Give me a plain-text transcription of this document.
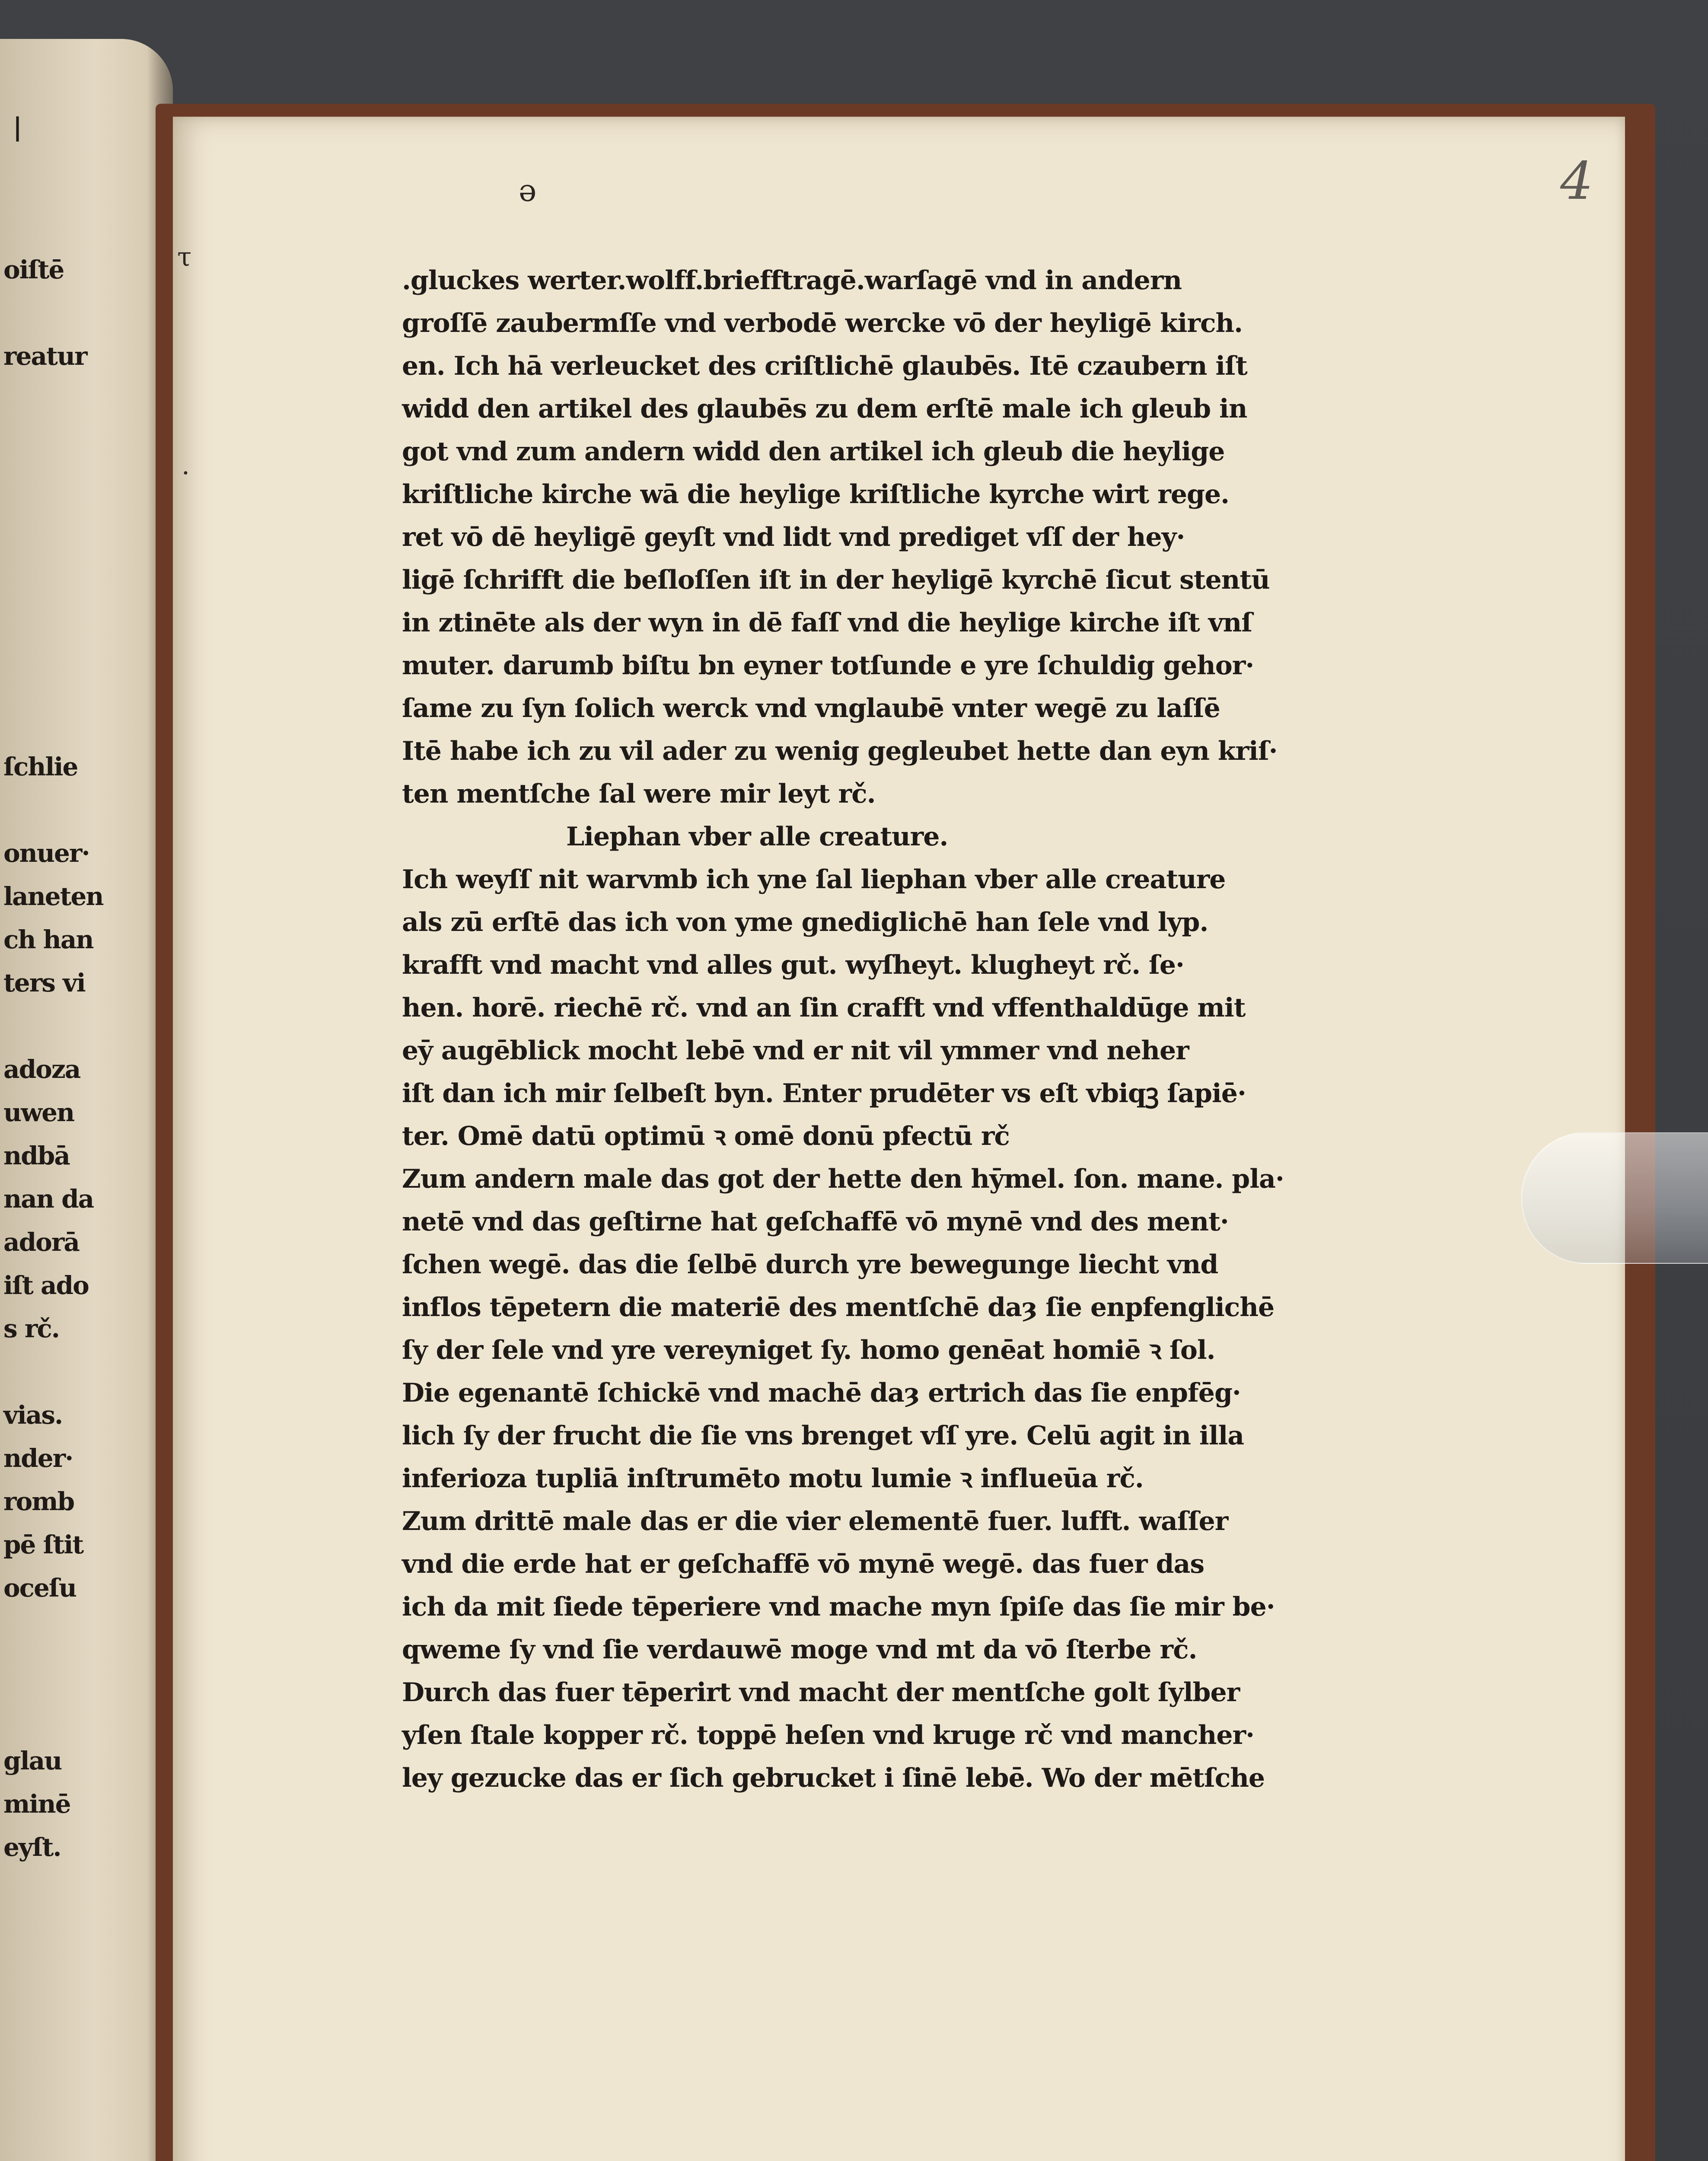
|
oiſtē
reatur
ſchlie
onuer·
laneten
ch han
ters vi
adoza
uwen
ndbā
nan da
adorā
iſt ado
s rč.
vias.
nder·
romb
pē ſtit
oceſu
glau
minē
eyſt.
4
τ
ə
·
.gluckes werter.wolff.briefftragē.warſagē vnd in andern
groſſē zaubermſſe vnd verbodē wercke vō der heyligē kirch.
en. Ich hā verleucket des criſtlichē glaubēs. Itē czaubern iſt
widd den artikel des glaubēs zu dem erſtē male ich gleub in
got vnd zum andern widd den artikel ich gleub die heylige
kriſtliche kirche wā die heylige kriſtliche kyrche wirt rege.
ret vō dē heyligē geyſt vnd lidt vnd prediget vſſ der hey·
ligē ſchrifft die beſloſſen iſt in der heyligē kyrchē ſicut stentū
in ztinēte als der wyn in dē faſſ vnd die heylige kirche iſt vnſ
muter. darumb biſtu bn eyner totſunde e yre ſchuldig gehor·
ſame zu ſyn ſolich werck vnd vnglaubē vnter wegē zu laſſē
Itē habe ich zu vil ader zu wenig gegleubet hette dan eyn kriſ·
ten mentſche ſal were mir leyt rč.
Liephan vber alle creature.
Ich weyſſ nit warvmb ich yne ſal liephan vber alle creature
als zū erſtē das ich von yme gnediglichē han ſele vnd lyp.
krafft vnd macht vnd alles gut. wyſheyt. klugheyt rč. ſe·
hen. horē. riechē rč. vnd an ſin crafft vnd vffenthaldūge mit
eȳ augēblick mocht lebē vnd er nit vil ymmer vnd neher
iſt dan ich mir ſelbeſt byn. Enter prudēter vs eſt vbiqꝫ ſapiē·
ter. Omē datū optimū ꝛ omē donū pfectū rč
Zum andern male das got der hette den hȳmel. ſon. mane. pla·
netē vnd das geſtirne hat geſchaffē vō mynē vnd des ment·
ſchen wegē. das die ſelbē durch yre bewegunge liecht vnd
inflos tēpetern die materiē des mentſchē daȝ ſie enpfenglichē
ſy der ſele vnd yre vereyniget ſy. homo genēat homiē ꝛ ſol.
Die egenantē ſchickē vnd machē daȝ ertrich das ſie enpfēg·
lich ſy der frucht die ſie vns brenget vſſ yre. Celū agit in illa
inferioza tupliā inſtrumēto motu lumie ꝛ influeūa rč.
Zum drittē male das er die vier elementē fuer. lufft. waſſer
vnd die erde hat er geſchaffē vō mynē wegē. das fuer das
ich da mit ſiede tēperiere vnd mache myn ſpiſe das ſie mir be·
qweme ſy vnd ſie verdauwē moge vnd mt da vō ſterbe rč.
Durch das fuer tēperirt vnd macht der mentſche golt ſylber
yſen ſtale kopper rč. toppē heſen vnd kruge rč vnd mancher·
ley gezucke das er ſich gebrucket i ſinē lebē. Wo der mētſche
